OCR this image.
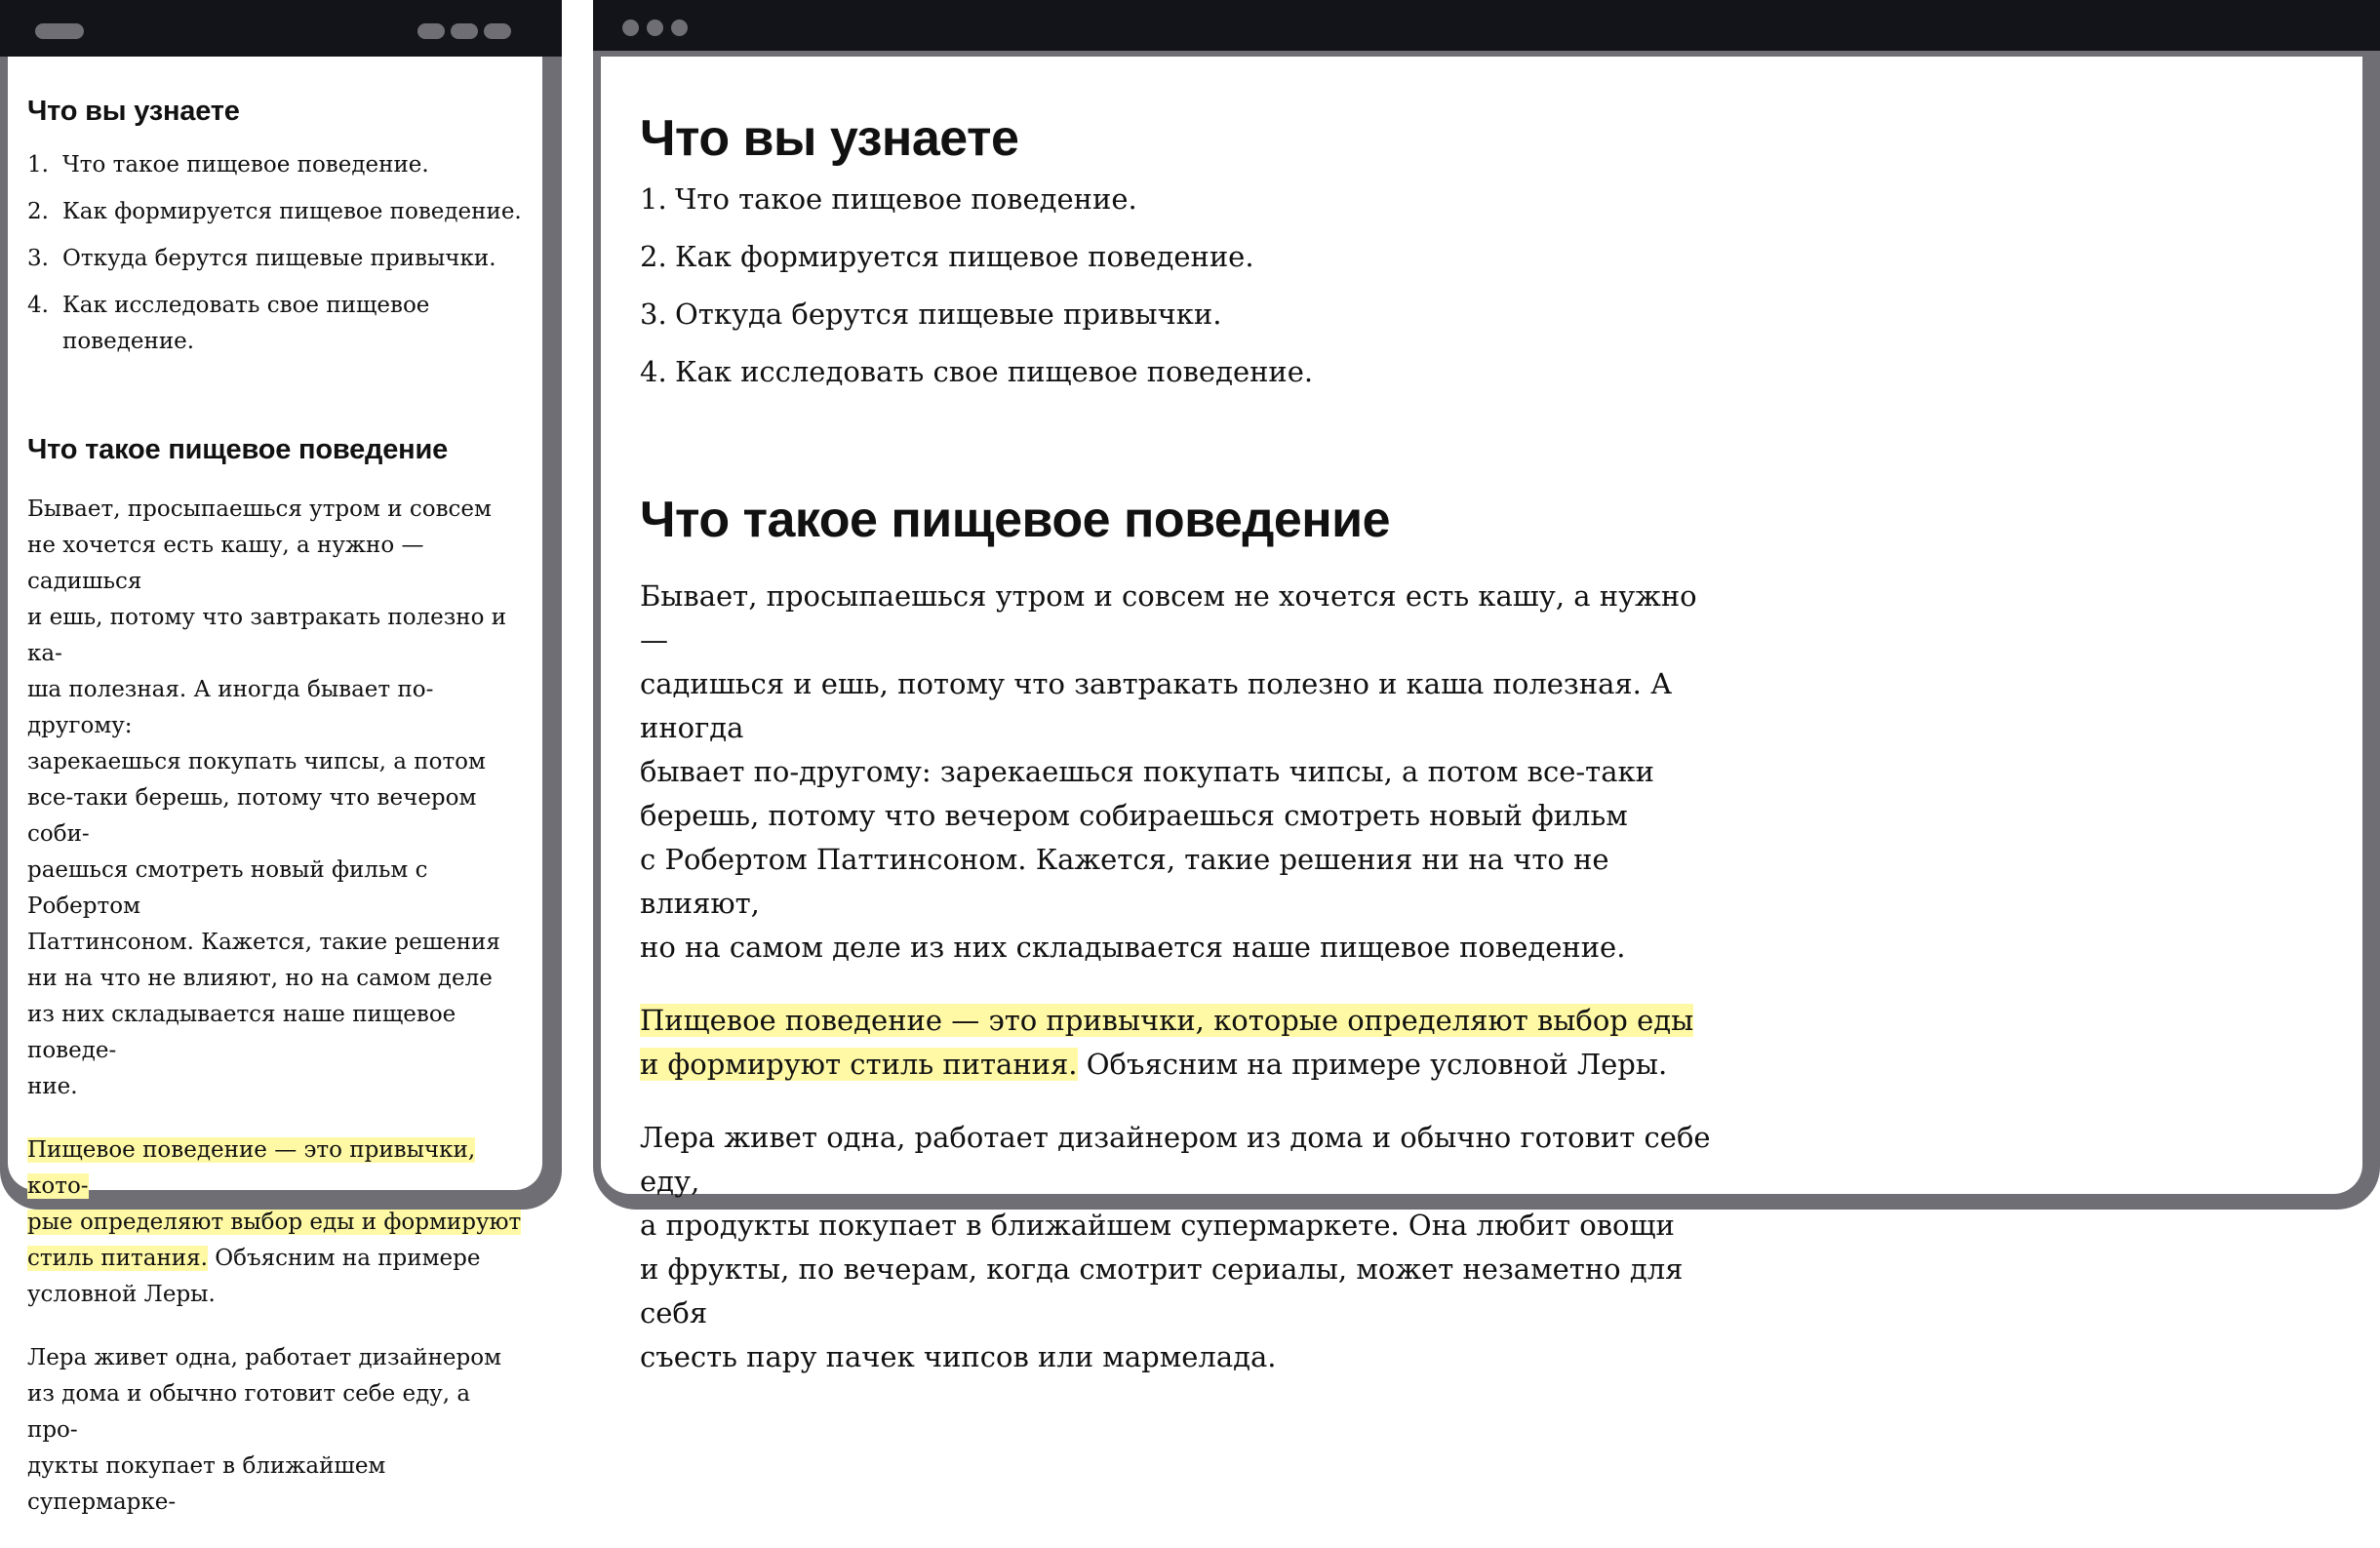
Что вы узнаете
1. Что такое пищевое поведение.
2. Как формируется пищевое поведение.
3. Откуда берутся пищевые привычки.
4. Как исследовать свое пищевое поведение.
Что такое пищевое поведение

Бывает, просыпаешься утром и совсем
не хочется есть кашу, а нужно — садишься
и ешь, потому что завтракать полезно и ка-
ша полезная. А иногда бывает по-другому:
зарекаешься покупать чипсы, а потом
все-таки берешь, потому что вечером соби-
раешься смотреть новый фильм с Робертом
Паттинсоном. Кажется, такие решения
ни на что не влияют, но на самом деле
из них складывается наше пищевое поведе-
ние.

Пищевое поведение — это привычки, кото-
рые определяют выбор еды и формируют
стиль питания. Объясним на примере
условной Леры.

Лера живет одна, работает дизайнером
из дома и обычно готовит себе еду, а про-
дукты покупает в ближайшем супермарке-

Что вы узнаете
1. Что такое пищевое поведение.
2. Как формируется пищевое поведение.
3. Откуда берутся пищевые привычки.
4. Как исследовать свое пищевое поведение.
Что такое пищевое поведение

Бывает, просыпаешься утром и совсем не хочется есть кашу, а нужно —
садишься и ешь, потому что завтракать полезно и каша полезная. А иногда
бывает по-другому: зарекаешься покупать чипсы, а потом все-таки
берешь, потому что вечером собираешься смотреть новый фильм
с Робертом Паттинсоном. Кажется, такие решения ни на что не влияют,
но на самом деле из них складывается наше пищевое поведение.

Пищевое поведение — это привычки, которые определяют выбор еды
и формируют стиль питания. Объясним на примере условной Леры.

Лера живет одна, работает дизайнером из дома и обычно готовит себе еду,
а продукты покупает в ближайшем супермаркете. Она любит овощи
и фрукты, по вечерам, когда смотрит сериалы, может незаметно для себя
съесть пару пачек чипсов или мармелада.
